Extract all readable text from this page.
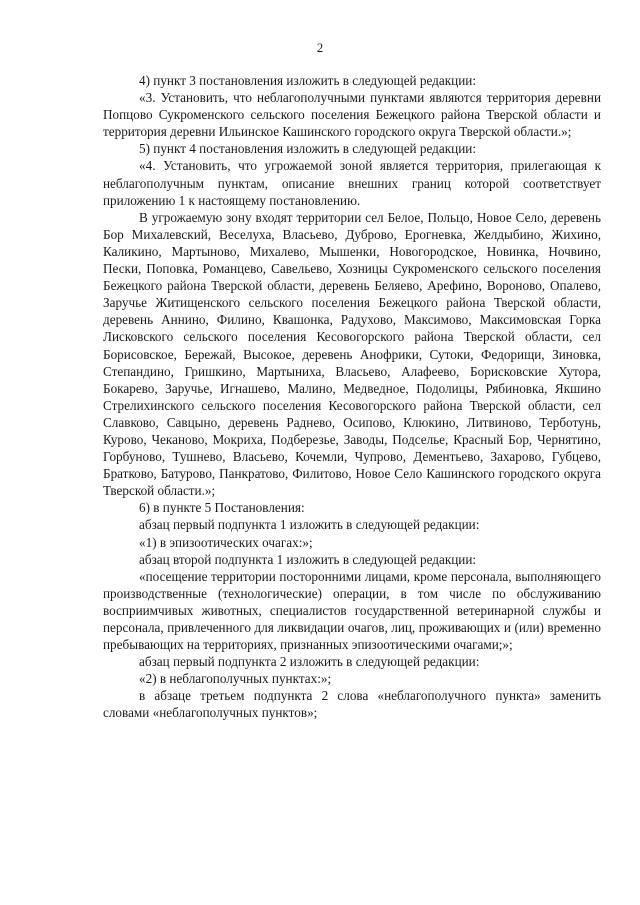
2

4) пункт 3 постановления изложить в следующей редакции:

«3. Установить, что неблагополучными пунктами являются территория деревни Попцово Сукроменского сельского поселения Бежецкого района Тверской области и территория деревни Ильинское Кашинского городского округа Тверской области.»;

5) пункт 4 постановления изложить в следующей редакции:

«4. Установить, что угрожаемой зоной является территория, прилегающая к неблагополучным пунктам, описание внешних границ которой соответствует приложению 1 к настоящему постановлению.

В угрожаемую зону входят территории сел Белое, Польцо, Новое Село, деревень Бор Михалевский, Веселуха, Власьево, Дуброво, Ерогневка, Желдыбино, Жихино, Каликино, Мартыново, Михалево, Мышенки, Новогородское, Новинка, Ночвино, Пески, Поповка, Романцево, Савельево, Хозницы Сукроменского сельского поселения Бежецкого района Тверской области, деревень Беляево, Арефино, Вороново, Опалево, Заручье Житищенского сельского поселения Бежецкого района Тверской области, деревень Аннино, Филино, Квашонка, Радухово, Максимово, Максимовская Горка Лисковского сельского поселения Кесовогорского района Тверской области, сел Борисовское, Бережай, Высокое, деревень Анофрики, Сутоки, Федорищи, Зиновка, Степандино, Гришкино, Мартыниха, Власьево, Алафеево, Борисковские Хутора, Бокарево, Заручье, Игнашево, Малино, Медведное, Подолицы, Рябиновка, Якшино Стрелихинского сельского поселения Кесовогорского района Тверской области, сел Славково, Савцыно, деревень Раднево, Осипово, Клюкино, Литвиново, Терботунь, Курово, Чеканово, Мокриха, Подберезье, Заводы, Подселье, Красный Бор, Чернятино, Горбуново, Тушнево, Власьево, Кочемли, Чупрово, Дементьево, Захарово, Губцево, Братково, Батурово, Панкратово, Филитово, Новое Село Кашинского городского округа Тверской области.»;

6) в пункте 5 Постановления:

абзац первый подпункта 1 изложить в следующей редакции:

«1) в эпизоотических очагах:»;

абзац второй подпункта 1 изложить в следующей редакции:

«посещение территории посторонними лицами, кроме персонала, выполняющего производственные (технологические) операции, в том числе по обслуживанию восприимчивых животных, специалистов государственной ветеринарной службы и персонала, привлеченного для ликвидации очагов, лиц, проживающих и (или) временно пребывающих на территориях, признанных эпизоотическими очагами;»;

абзац первый подпункта 2 изложить в следующей редакции:

«2) в неблагополучных пунктах:»;

в абзаце третьем подпункта 2 слова «неблагополучного пункта» заменить словами «неблагополучных пунктов»;
